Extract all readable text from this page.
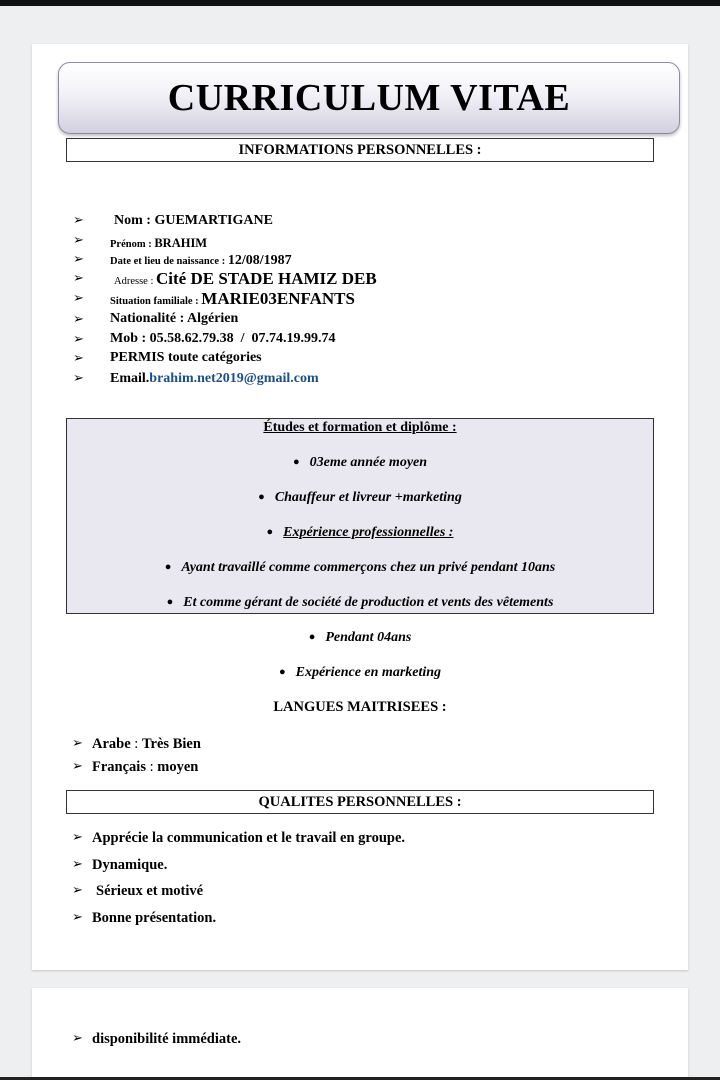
CURRICULUM VITAE
INFORMATIONS PERSONNELLES :
➢ Nom : GUEMARTIGANE
➢ Prénom : BRAHIM
➢ Date et lieu de naissance : 12/08/1987
➢	Adresse : Cité DE STADE HAMIZ DEB
➢ Situation familiale : MARIE03ENFANTS
➢ Nationalité : Algérien
➢ Mob : 05.58.62.79.38  /  07.74.19.99.74
➢ PERMIS toute catégories
➢ Email.brahim.net2019@gmail.com
Études et formation et diplôme :
● 03eme année moyen
● Chauffeur et livreur +marketing
● Expérience professionnelles :
● Ayant travaillé comme commerçons chez un privé pendant 10ans
● Et comme gérant de société de production et vents des vêtements
● Pendant 04ans
● Expérience en marketing
LANGUES MAITRISEES :
➢ Arabe : Très Bien
➢ Français : moyen
QUALITES PERSONNELLES :
➢ Apprécie la communication et le travail en groupe.
➢ Dynamique.
➢ Sérieux et motivé
➢ Bonne présentation.
➢ disponibilité immédiate.
